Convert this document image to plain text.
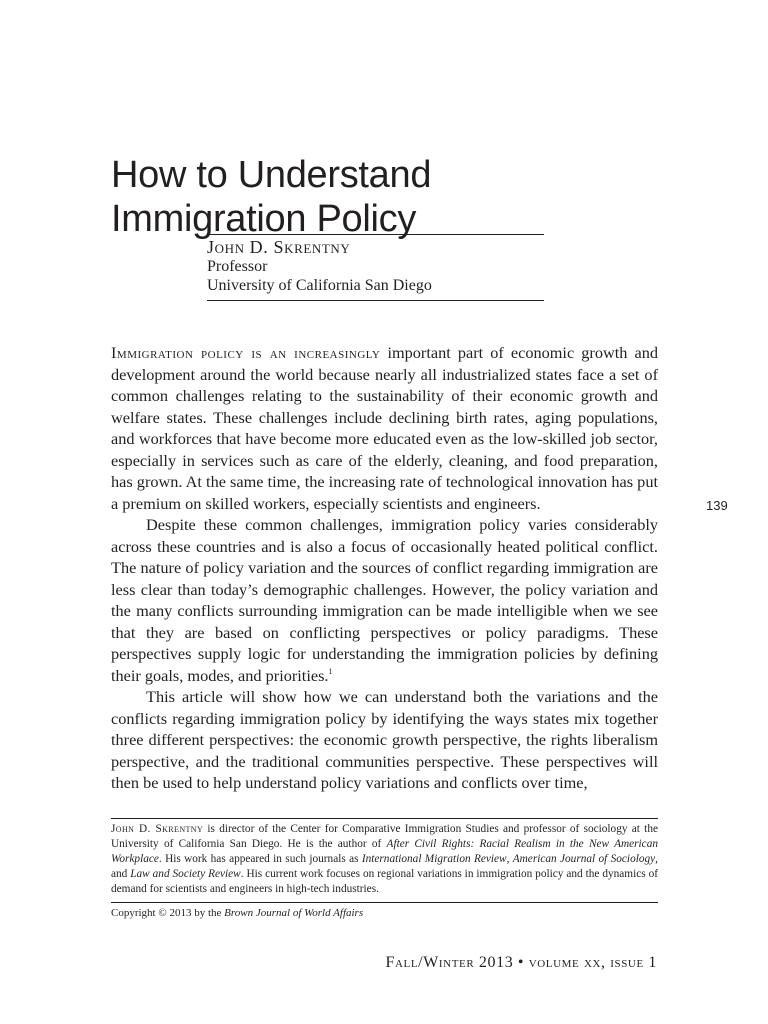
How to Understand
Immigration Policy
John D. Skrentny
Professor
University of California San Diego

Immigration policy is an increasingly important part of economic growth and development around the world because nearly all industrialized states face a set of common challenges relating to the sustainability of their economic growth and welfare states. These challenges include declining birth rates, aging populations, and workforces that have become more educated even as the low-skilled job sector, especially in services such as care of the elderly, cleaning, and food preparation, has grown. At the same time, the increasing rate of technological innovation has put a premium on skilled workers, especially scientists and engineers.

Despite these common challenges, immigration policy varies considerably across these countries and is also a focus of occasionally heated political conflict. The nature of policy variation and the sources of conflict regarding immigration are less clear than today’s demographic challenges. However, the policy variation and the many conflicts surrounding immigration can be made intelligible when we see that they are based on conflicting perspectives or policy paradigms. These perspectives supply logic for understanding the immigration policies by defining their goals, modes, and priorities.$^1$

This article will show how we can understand both the variations and the conflicts regarding immigration policy by identifying the ways states mix together three different perspectives: the economic growth perspective, the rights liberalism perspective, and the traditional communities perspective. These perspectives will then be used to help understand policy variations and conflicts over time,

139
John D. Skrentny is director of the Center for Comparative Immigration Studies and professor of sociology at the University of California San Diego. He is the author of After Civil Rights: Racial Realism in the New American Workplace. His work has appeared in such journals as International Migration Review, American Journal of Sociology, and Law and Society Review. His current work focuses on regional variations in immigration policy and the dynamics of demand for scientists and engineers in high-tech industries.
Copyright © 2013 by the Brown Journal of World Affairs
Fall/Winter 2013 • volume xx, issue 1
